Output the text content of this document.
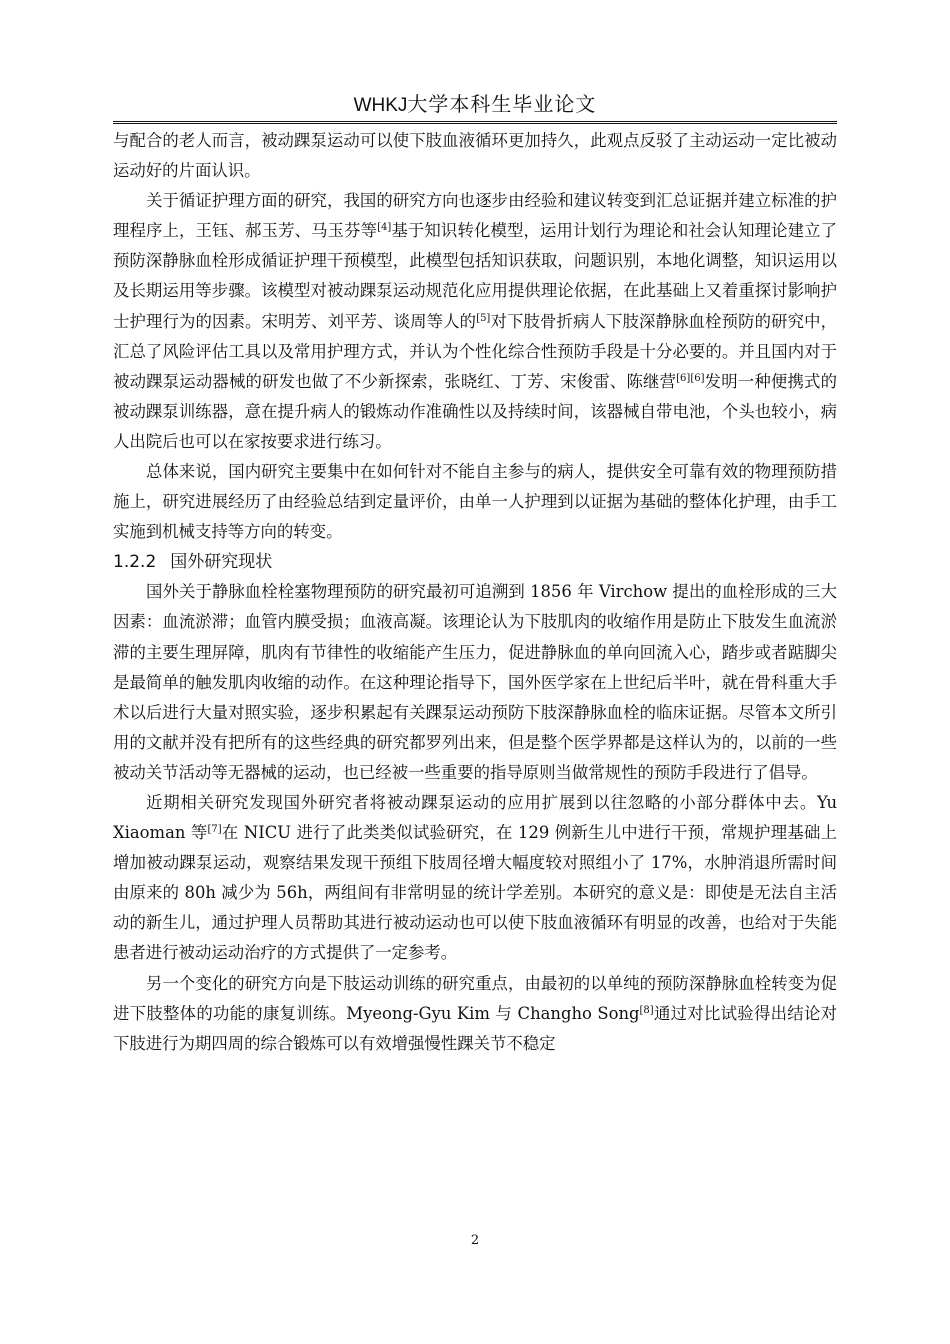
WHKJ大学本科生毕业论文

与配合的老人而言，被动踝泵运动可以使下肢血液循环更加持久，此观点反驳了主动运动一定比被动运动好的片面认识。

关于循证护理方面的研究，我国的研究方向也逐步由经验和建议转变到汇总证据并建立标准的护理程序上，王钰、郝玉芳、马玉芬等[4]基于知识转化模型，运用计划行为理论和社会认知理论建立了预防深静脉血栓形成循证护理干预模型，此模型包括知识获取，问题识别，本地化调整，知识运用以及长期运用等步骤。该模型对被动踝泵运动规范化应用提供理论依据，在此基础上又着重探讨影响护士护理行为的因素。宋明芳、刘平芳、谈周等人的[5]对下肢骨折病人下肢深静脉血栓预防的研究中，汇总了风险评估工具以及常用护理方式，并认为个性化综合性预防手段是十分必要的。并且国内对于被动踝泵运动器械的研发也做了不少新探索，张晓红、丁芳、宋俊雷、陈继营[6][6]发明一种便携式的被动踝泵训练器，意在提升病人的锻炼动作准确性以及持续时间，该器械自带电池，个头也较小，病人出院后也可以在家按要求进行练习。

总体来说，国内研究主要集中在如何针对不能自主参与的病人，提供安全可靠有效的物理预防措施上，研究进展经历了由经验总结到定量评价，由单一人护理到以证据为基础的整体化护理，由手工实施到机械支持等方向的转变。

1.2.2 国外研究现状

国外关于静脉血栓栓塞物理预防的研究最初可追溯到 1856 年 Virchow 提出的血栓形成的三大因素：血流淤滞；血管内膜受损；血液高凝。该理论认为下肢肌肉的收缩作用是防止下肢发生血流淤滞的主要生理屏障，肌肉有节律性的收缩能产生压力，促进静脉血的单向回流入心，踏步或者踮脚尖是最简单的触发肌肉收缩的动作。在这种理论指导下，国外医学家在上世纪后半叶，就在骨科重大手术以后进行大量对照实验，逐步积累起有关踝泵运动预防下肢深静脉血栓的临床证据。尽管本文所引用的文献并没有把所有的这些经典的研究都罗列出来，但是整个医学界都是这样认为的，以前的一些被动关节活动等无器械的运动，也已经被一些重要的指导原则当做常规性的预防手段进行了倡导。

近期相关研究发现国外研究者将被动踝泵运动的应用扩展到以往忽略的小部分群体中去。Yu Xiaoman 等[7]在 NICU 进行了此类类似试验研究，在 129 例新生儿中进行干预，常规护理基础上增加被动踝泵运动，观察结果发现干预组下肢周径增大幅度较对照组小了 17%，水肿消退所需时间由原来的 80h 减少为 56h，两组间有非常明显的统计学差别。本研究的意义是：即使是无法自主活动的新生儿，通过护理人员帮助其进行被动运动也可以使下肢血液循环有明显的改善，也给对于失能患者进行被动运动治疗的方式提供了一定参考。

另一个变化的研究方向是下肢运动训练的研究重点，由最初的以单纯的预防深静脉血栓转变为促进下肢整体的功能的康复训练。Myeong-Gyu Kim 与 Changho Song[8]通过对比试验得出结论对下肢进行为期四周的综合锻炼可以有效增强慢性踝关节不稳定

2
